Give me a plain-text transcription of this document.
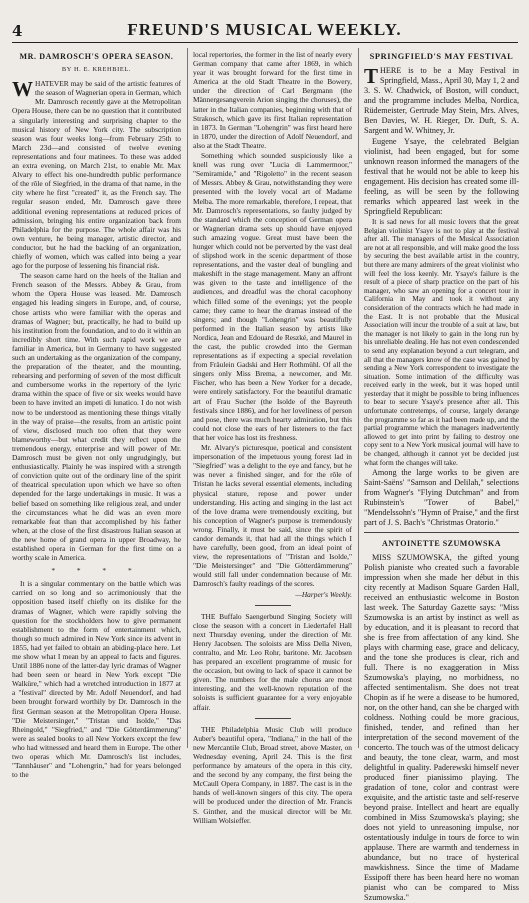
4	FREUND'S MUSICAL WEEKLY.
MR. DAMROSCH'S OPERA SEASON.
BY H. E. KREHBIEL.

WHATEVER may be said of the artistic features of the season of Wagnerian opera in German, which Mr. Damrosch recently gave at the Metropolitan Opera House, there can be no question that it contributed a singularly interesting and surprising chapter to the musical history of New York city. The subscription season was four weeks long—from February 25th to March 23d—and consisted of twelve evening representations and four matinees. To these was added an extra evening, on March 21st, to enable Mr. Max Alvary to effect his one-hundredth public performance of the rôle of Siegfried, in the drama of that name, in the city where he first "created" it, as the French say. The regular season ended, Mr. Damrosch gave three additional evening representations at reduced prices of admission, bringing his entire organization back from Philadelphia for the purpose. The whole affair was his own venture, he being manager, artistic director, and conductor, but he had the backing of an organization, chiefly of women, which was called into being a year ago for the purpose of lessening his financial risk.

The season came hard on the heels of the Italian and French season of the Messrs. Abbey & Grau, from whom the Opera House was leased. Mr. Damrosch engaged his leading singers in Europe, and, of course, chose artists who were familiar with the operas and dramas of Wagner; but, practically, he had to build up his institution from the foundation, and to do it within an incredibly short time. With such rapid work we are familiar in America, but in Germany to have suggested such an undertaking as the organization of the company, the preparation of the theater, and the mounting, rehearsing and performing of seven of the most difficult and cumbersome works in the repertory of the lyric drama within the space of five or six weeks would have been to have invited an impeti di lunatico. I do not wish now to be understood as mentioning these things vitally in the way of praise—the results, from an artistic point of view, disclosed much too often that they were blameworthy—but what credit they reflect upon the tremendous energy, enterprise and will power of Mr. Damrosch must be given not only ungrudgingly, but enthusiastically. Plainly he was inspired with a strength of conviction quite out of the ordinary line of the spirit of theatrical speculation upon which we have so often depended for the large undertakings in music. It was a belief based on something like religious zeal, and under the circumstances what he did was an even more remarkable feat than that accomplished by his father when, at the close of the first disastrous Italian season at the new home of grand opera in upper Broadway, he established opera in German for the first time on a worthy scale in America.

* * * *

It is a singular commentary on the battle which was carried on so long and so acrimoniously that the opposition based itself chiefly on its dislike for the dramas of Wagner, which were rapidly solving the question for the stockholders how to give permanent establishment to the form of entertainment which, though so much admired in New York since its advent in 1855, had yet failed to obtain an abiding-place here. Let me show what I mean by an appeal to facts and figures. Until 1886 none of the latter-day lyric dramas of Wagner had been seen or heard in New York except "Die Walküre," which had a wretched introduction in 1877 at a "festival" directed by Mr. Adolf Neuendorf, and had been brought forward worthily by Dr. Damrosch in the first German season at the Metropolitan Opera House. "Die Meistersinger," "Tristan und Isolde," "Das Rheingold," "Siegfried," and "Die Götterdämmerung" were as sealed books to all New Yorkers except the few who had witnessed and heard them in Europe. The other two operas which Mr. Damrosch's list includes, "Tannhäuser" and "Lohengrin," had for years belonged to the

local repertories, the former in the list of nearly every German company that came after 1869, in which year it was brought forward for the first time in America at the old Stadt Theatre in the Bowery, under the direction of Carl Bergmann (the Männergesangverein Arion singing the choruses), the latter in the Italian companies, beginning with that of Strakosch, which gave its first Italian representation in 1873. In German "Lohengrin" was first heard here in 1870, under the direction of Adolf Neuendorf, and also at the Stadt Theatre.

Something which sounded suspiciously like a knell was rung over "Lucia di Lammermoor," "Semiramide," and "Rigoletto" in the recent season of Messrs. Abbey & Grau, notwithstanding they were presented with the lovely vocal art of Madame Melba. The more remarkable, therefore, I repeat, that Mr. Damrosch's representations, so faulty judged by the standard which the conception of German opera or Wagnerian drama sets up should have enjoyed such amazing vogue. Great must have been the hunger which could not be perverted by the vast deal of slipshod work in the scenic department of those representations, and the vaster deal of bungling and makeshift in the stage management. Many an affront was given to the taste and intelligence of the audiences, and dreadful was the choral cacophony which filled some of the evenings; yet the people came; they came to hear the dramas instead of the singers; and though "Lohengrin" was beautifully performed in the Italian season by artists like Nordica, Jean and Edouard de Reszké, and Maurel in the cast, the public crowded into the German representations as if expecting a special revelation from Fräulein Gadski and Herr Rothmühl. Of all the singers only Miss Brema, a newcomer, and Mr. Fischer, who has been a New Yorker for a decade, were entirely satisfactory. For the beautiful dramatic art of Frau Sucher (the Isolde of the Bayreuth festivals since 1886), and for her loveliness of person and pose, there was much hearty admiration, but this could not close the ears of her listeners to the fact that her voice has lost its freshness.

Mr. Alvary's picturesque, poetical and consistent impersonation of the impetuous young forest lad in "Siegfried" was a delight to the eye and fancy, but he was never a finished singer, and for the rôle of Tristan he lacks several essential elements, including physical stature, repose and power under understanding. His acting and singing in the last act of the love drama were tremendously exciting, but his conception of Wagner's purpose is tremendously wrong. Finally, it must be said, since the spirit of candor demands it, that had all the things which I have carefully, been good, from an ideal point of view, the representations of "Tristan and Isolde," "Die Meistersinger" and "Die Götterdämmerung" would still fall under condemnation because of Mr. Damrosch's faulty readings of the scores.

—Harper's Weekly.

THE Buffalo Saengerbund Singing Society will close the season with a concert in Liedertafel Hall next Thursday evening, under the direction of Mr. Henry Jacobsen. The soloists are Miss Della Niven, contralto, and Mr. Leo Rohr, baritone. Mr. Jacobsen has prepared an excellent programme of music for the occasion, but owing to lack of space it cannot be given. The numbers for the male chorus are most interesting, and the well-known reputation of the soloists is sufficient guarantee for a very enjoyable affair.

THE Philadelphia Music Club will produce Auber's beautiful opera, "Indiana," in the hall of the new Mercantile Club, Broad street, above Master, on Wednesday evening, April 24. This is the first performance by amateurs of the opera in this city, and the second by any company, the first being the McCaull Opera Company, in 1887. The cast is in the hands of well-known singers of this city. The opera will be produced under the direction of Mr. Francis S. Ginther, and the musical director will be Mr. William Wolsieffer.

SPRINGFIELD'S MAY FESTIVAL

THERE is to be a May Festival in Springfield, Mass., April 30, May 1, 2 and 3. S. W. Chadwick, of Boston, will conduct, and the programme includes Melba, Nordica, Rüdemeister, Gertrude May Stein, Mrs. Alves, Ben Davies, W. H. Rieger, Dr. Duft, S. A. Sargent and W. Whitney, Jr.

Eugene Ysaye, the celebrated Belgian violinist, had been engaged, but for some unknown reason informed the managers of the festival that he would not be able to keep his engagement. His decision has created some ill-feeling, as will be seen by the following remarks which appeared last week in the Springfield Republican:

It is sad news for all music lovers that the great Belgian violinist Ysaye is not to play at the festival after all. The managers of the Musical Association are not at all responsible, and will make good the loss by securing the best available artist in the country, but there are many admirers of the great violinist who will feel the loss keenly. Mr. Ysaye's failure is the result of a piece of sharp practice on the part of his manager, who saw an opening for a concert tour in California in May and took it without any consideration of the contracts which he had made in the East. It is not probable that the Musical Association will incur the trouble of a suit at law, but the manager is not likely to gain in the long run by his unreliable dealing. He has not even condescended to send any explanation beyond a curt telegram, and all that the managers know of the case was gained by sending a New York correspondent to investigate the situation. Some intimation of the difficulty was received early in the week, but it was hoped until yesterday that it might be possible to bring influences to bear to secure Ysaye's presence after all. This unfortunate contretemps, of course, largely derange the programme so far as it had been made up, and the partial programme which the managers inadvertently allowed to get into print by failing to destroy one copy sent to a New York musical journal will have to be changed, although it cannot yet be decided just what form the changes will take.

Among the large works to be given are Saint-Saëns' "Samson and Delilah," selections from Wagner's "Flying Dutchman" and from Rubinstein's "Tower of Babel," "Mendelssohn's "Hymn of Praise," and the first part of J. S. Bach's "Christmas Oratorio."

ANTOINETTE SZUMOWSKA

MISS SZUMOWSKA, the gifted young Polish pianiste who created such a favorable impression when she made her début in this city recently at Madison Square Garden Hall, received an enthusiastic welcome in Boston last week. The Saturday Gazette says: "Miss Szumowska is an artist by instinct as well as by education, and it is pleasant to record that she is free from affectation of any kind. She plays with charming ease, grace and delicacy, and the tone she produces is clear, rich and full. There is no exaggeration in Miss Szumowska's playing, no morbidness, no affected sentimentalism. She does not treat Chopin as if he were a disease to be humored, nor, on the other hand, can she be charged with coldness. Nothing could be more gracious, finished, tender, and refined than her interpretation of the second movement of the concerto. The touch was of the utmost delicacy and beauty, the tone clear, warm, and most delightful in quality. Paderewski himself never produced finer pianissimo playing. The gradation of tone, color and contrast were exquisite, and the artistic taste and self-reserve beyond praise. Intellect and heart are equally combined in Miss Szumowska's playing; she does not yield to unreasoning impulse, nor ostentatiously indulge in tours de force to win applause. There are warmth and tenderness in abundance, but no trace of hysterical mawkishness. Since the time of Madame Essipoff there has been heard here no woman pianist who can be compared to Miss Szumowska."
